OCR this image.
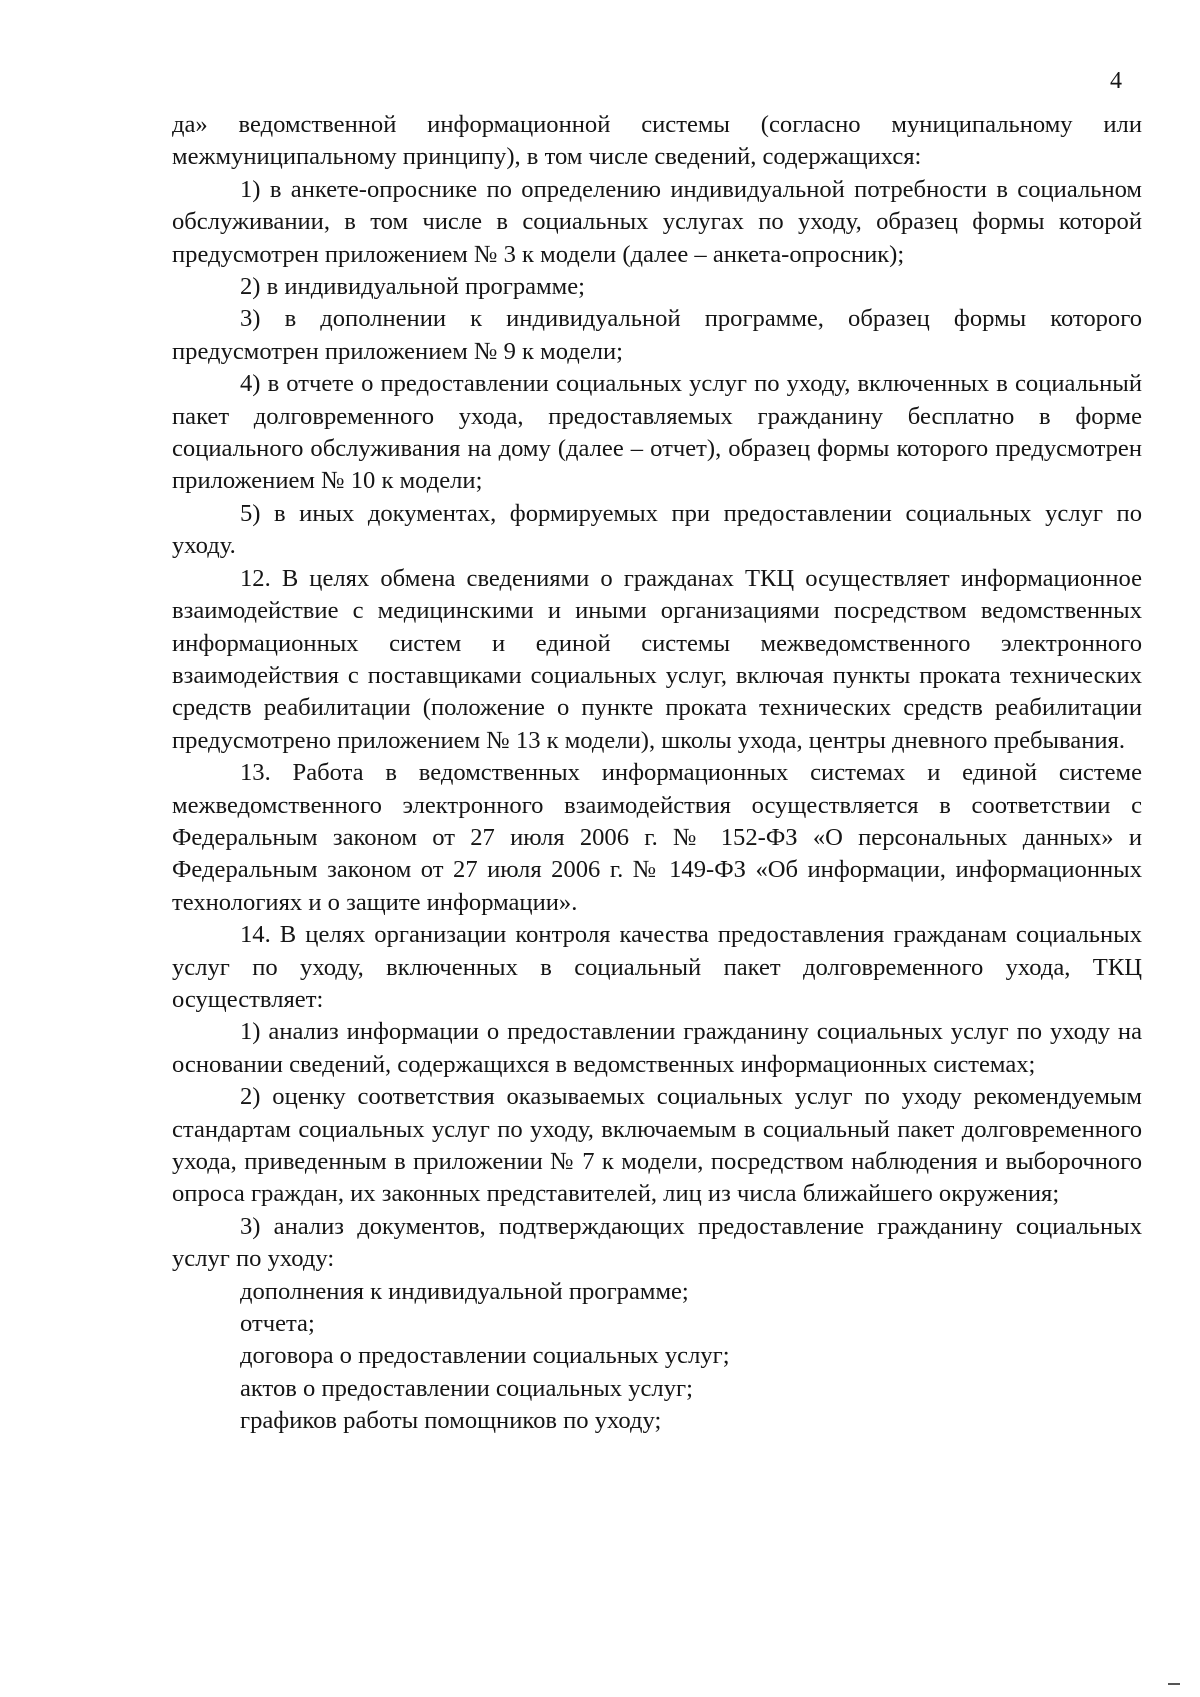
4

да» ведомственной информационной системы (согласно муниципальному или межмуниципальному принципу), в том числе сведений, содержащихся:

1) в анкете-опроснике по определению индивидуальной потребности в социальном обслуживании, в том числе в социальных услугах по уходу, образец формы которой предусмотрен приложением № 3 к модели (далее – анкета-опросник);

2) в индивидуальной программе;

3) в дополнении к индивидуальной программе, образец формы которого предусмотрен приложением № 9 к модели;

4) в отчете о предоставлении социальных услуг по уходу, включенных в социальный пакет долговременного ухода, предоставляемых гражданину бесплатно в форме социального обслуживания на дому (далее – отчет), образец формы которого предусмотрен приложением № 10 к модели;

5) в иных документах, формируемых при предоставлении социальных услуг по уходу.

12. В целях обмена сведениями о гражданах ТКЦ осуществляет информационное взаимодействие с медицинскими и иными организациями посредством ведомственных информационных систем и единой системы межведомственного электронного взаимодействия с поставщиками социальных услуг, включая пункты проката технических средств реабилитации (положение о пункте проката технических средств реабилитации предусмотрено приложением № 13 к модели), школы ухода, центры дневного пребывания.

13. Работа в ведомственных информационных системах и единой системе межведомственного электронного взаимодействия осуществляется в соответствии с Федеральным законом от 27 июля 2006 г. № 152-ФЗ «О персональных данных» и Федеральным законом от 27 июля 2006 г. № 149-ФЗ «Об информации, информационных технологиях и о защите информации».

14. В целях организации контроля качества предоставления гражданам социальных услуг по уходу, включенных в социальный пакет долговременного ухода, ТКЦ осуществляет:

1) анализ информации о предоставлении гражданину социальных услуг по уходу на основании сведений, содержащихся в ведомственных информационных системах;

2) оценку соответствия оказываемых социальных услуг по уходу рекомендуемым стандартам социальных услуг по уходу, включаемым в социальный пакет долговременного ухода, приведенным в приложении № 7 к модели, посредством наблюдения и выборочного опроса граждан, их законных представителей, лиц из числа ближайшего окружения;

3) анализ документов, подтверждающих предоставление гражданину социальных услуг по уходу:

дополнения к индивидуальной программе;

отчета;

договора о предоставлении социальных услуг;

актов о предоставлении социальных услуг;

графиков работы помощников по уходу;
